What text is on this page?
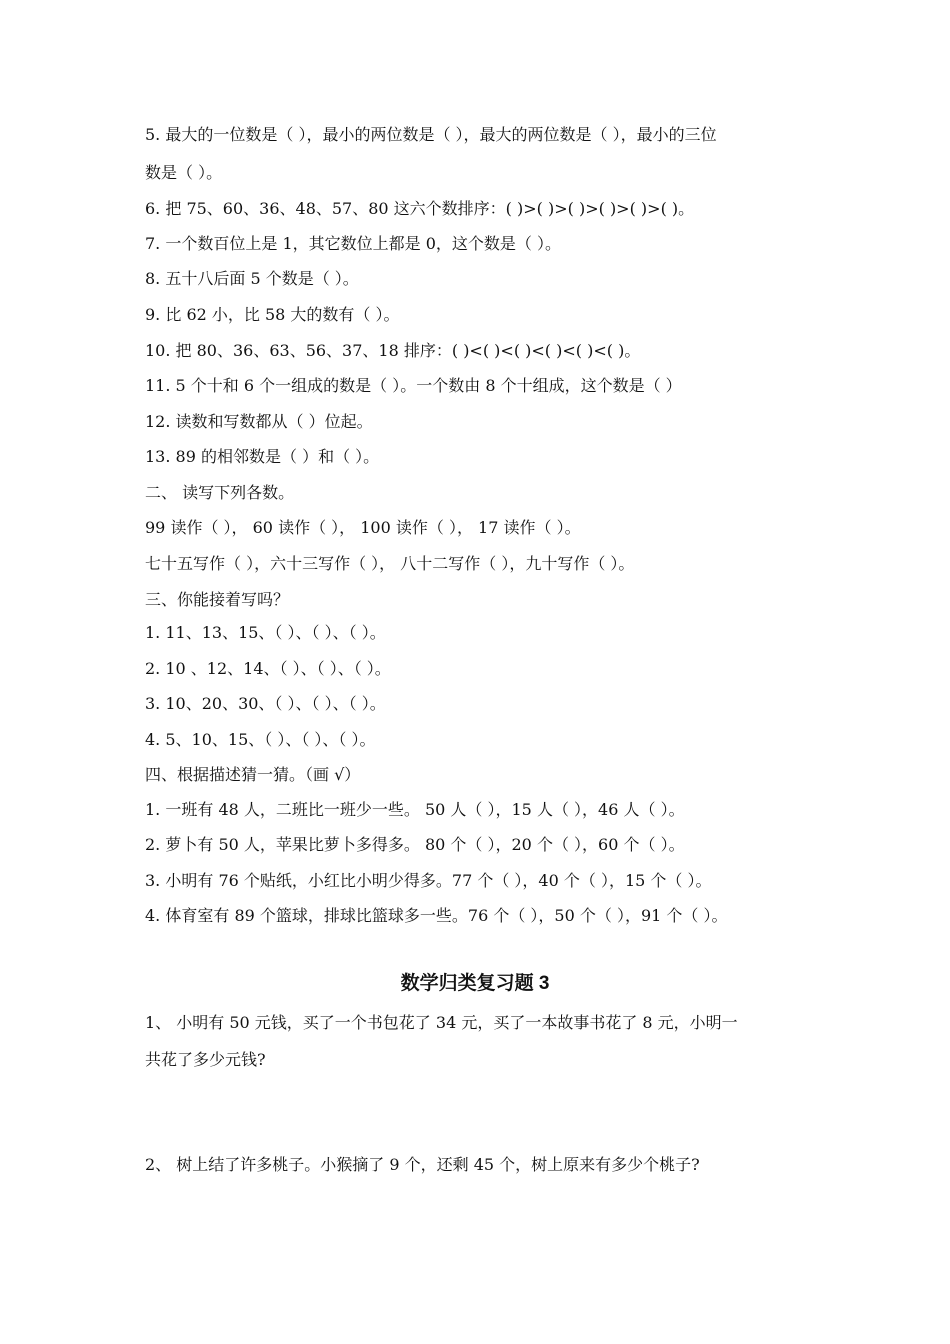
5. 最大的一位数是（ ），最小的两位数是（ ），最大的两位数是（ ），最小的三位
数是（ ）。
6. 把 75、60、36、48、57、80 这六个数排序：( )>( )>( )>( )>( )>( )。
7. 一个数百位上是 1，其它数位上都是 0，这个数是（ ）。
8. 五十八后面 5 个数是（ ）。
9. 比 62 小，比 58 大的数有（ ）。
10. 把 80、36、63、56、37、18 排序：( )<( )<( )<( )<( )<( )。
11. 5 个十和 6 个一组成的数是（ ）。一个数由 8 个十组成，这个数是（ ）
12. 读数和写数都从（ ）位起。
13. 89 的相邻数是（ ）和（ ）。
二、 读写下列各数。
99 读作（ ）， 60 读作（ ）， 100 读作（ ）， 17 读作（ ）。
七十五写作（ ），六十三写作（ ）， 八十二写作（ ），九十写作（ ）。
三、你能接着写吗？
1. 11、13、15、（ ）、（ ）、（ ）。
2. 10 、12、14、（ ）、（ ）、（ ）。
3. 10、20、30、（ ）、（ ）、（ ）。
4. 5、10、15、（ ）、（ ）、（ ）。
四、根据描述猜一猜。（画 √）
1. 一班有 48 人，二班比一班少一些。 50 人（ ），15 人（ ），46 人（ ）。
2. 萝卜有 50 人，苹果比萝卜多得多。 80 个（ ），20 个（ ），60 个（ ）。
3. 小明有 76 个贴纸，小红比小明少得多。77 个（ ），40 个（ ），15 个（ ）。
4. 体育室有 89 个篮球，排球比篮球多一些。76 个（ ），50 个（ ），91 个（ ）。
数学归类复习题 3
1、 小明有 50 元钱，买了一个书包花了 34 元，买了一本故事书花了 8 元，小明一
共花了多少元钱?
2、 树上结了许多桃子。小猴摘了 9 个，还剩 45 个，树上原来有多少个桃子?
